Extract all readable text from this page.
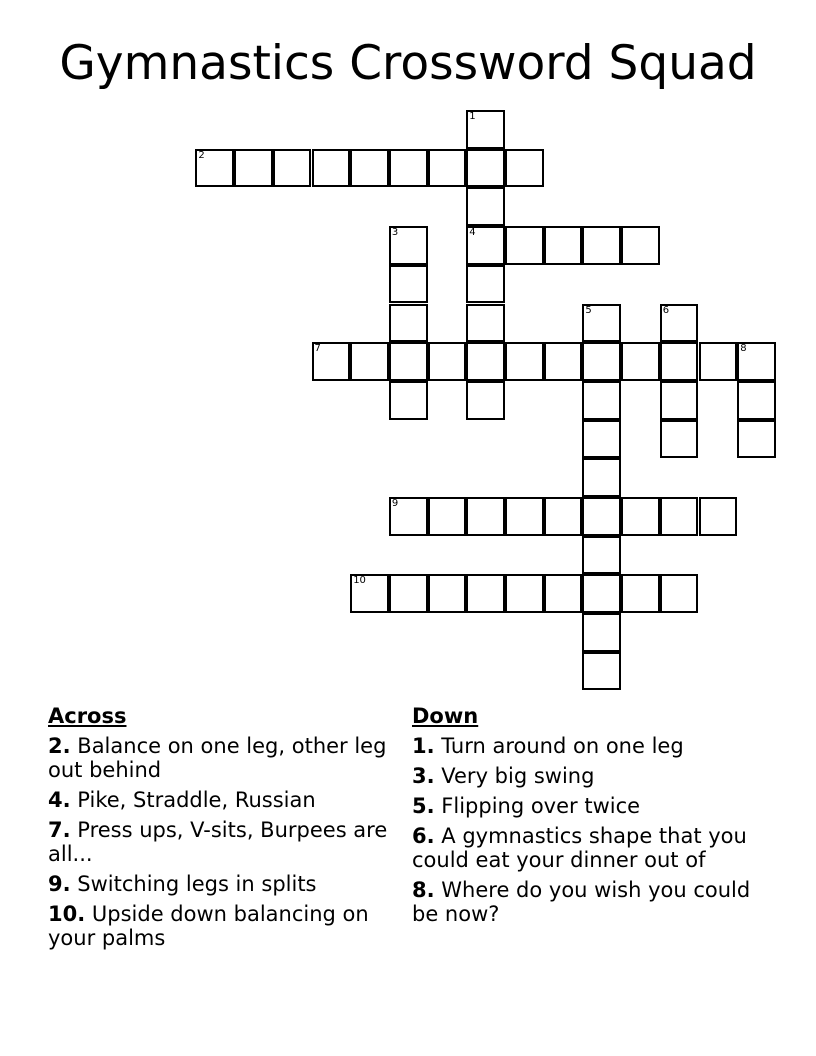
Gymnastics Crossword Squad
1
2
3	4
5	6
7	8
9
10
Across
2. Balance on one leg, other leg out behind
4. Pike, Straddle, Russian
7. Press ups, V-sits, Burpees are all...
9. Switching legs in splits
10. Upside down balancing on your palms
Down
1. Turn around on one leg
3. Very big swing
5. Flipping over twice
6. A gymnastics shape that you could eat your dinner out of
8. Where do you wish you could be now?
